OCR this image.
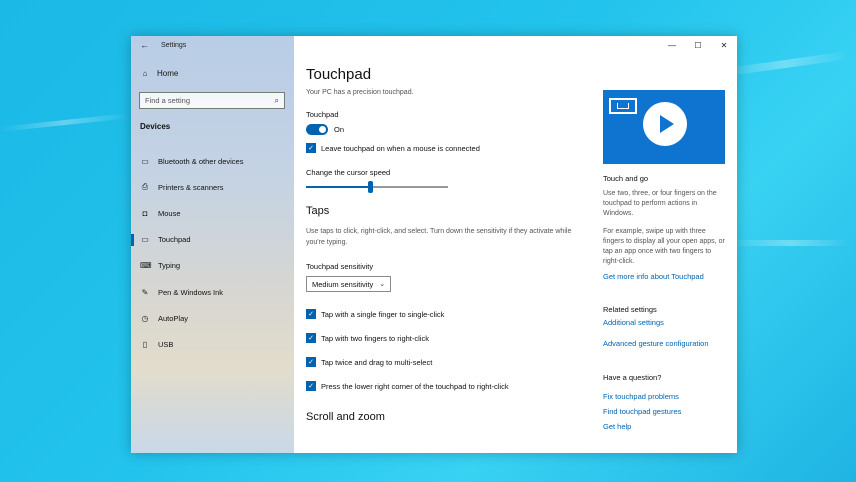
← Settings
⌂	Home
Find a setting	⌕
Devices
▭ Bluetooth & other devices
⎙ Printers & scanners
◘	Mouse
▭ Touchpad
⌨ Typing
✎ Pen & Windows Ink
◷ AutoPlay
▯	USB
—	☐	✕
Touchpad
Your PC has a precision touchpad.
Touchpad
On
✓ Leave touchpad on when a mouse is connected
Change the cursor speed
Taps
Use taps to click, right-click, and select. Turn down the sensitivity if they activate while you're typing.
Touchpad sensitivity
Medium sensitivity ⌄
✓ Tap with a single finger to single-click
✓ Tap with two fingers to right-click
✓ Tap twice and drag to multi-select
✓ Press the lower right corner of the touchpad to right-click
Scroll and zoom
Touch and go
Use two, three, or four fingers on the touchpad to perform actions in Windows.
For example, swipe up with three fingers to display all your open apps, or tap an app once with two fingers to right-click.
Get more info about Touchpad
Related settings
Additional settings
Advanced gesture configuration
Have a question?
Fix touchpad problems
Find touchpad gestures
Get help
